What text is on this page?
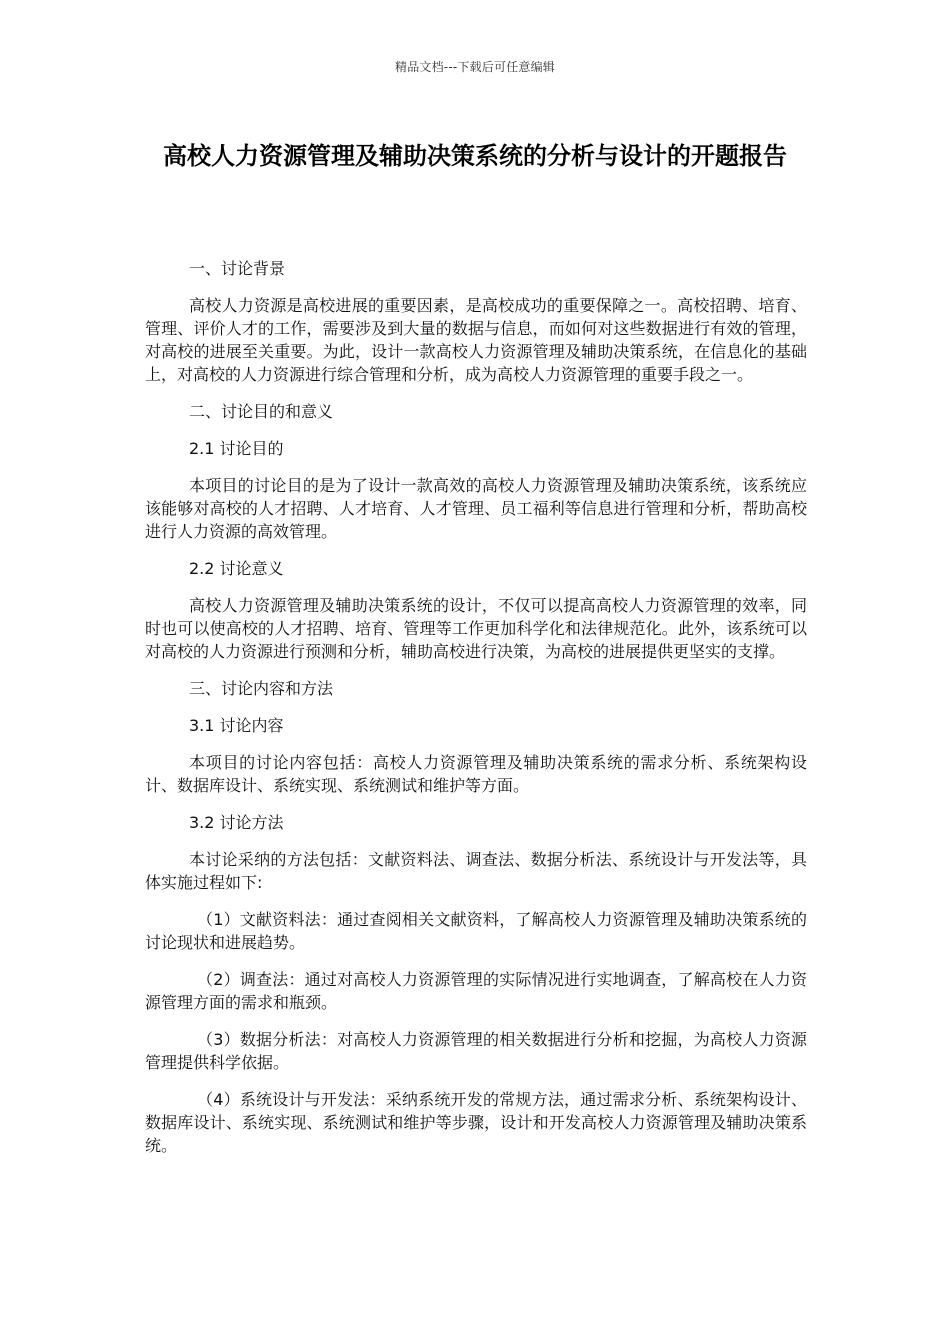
精品文档---下载后可任意编辑
高校人力资源管理及辅助决策系统的分析与设计的开题报告

一、讨论背景

高校人力资源是高校进展的重要因素，是高校成功的重要保障之一。高校招聘、培育、管理、评价人才的工作，需要涉及到大量的数据与信息，而如何对这些数据进行有效的管理，对高校的进展至关重要。为此，设计一款高校人力资源管理及辅助决策系统，在信息化的基础上，对高校的人力资源进行综合管理和分析，成为高校人力资源管理的重要手段之一。

二、讨论目的和意义

2.1 讨论目的

本项目的讨论目的是为了设计一款高效的高校人力资源管理及辅助决策系统，该系统应该能够对高校的人才招聘、人才培育、人才管理、员工福利等信息进行管理和分析，帮助高校进行人力资源的高效管理。

2.2 讨论意义

高校人力资源管理及辅助决策系统的设计，不仅可以提高高校人力资源管理的效率，同时也可以使高校的人才招聘、培育、管理等工作更加科学化和法律规范化。此外，该系统可以对高校的人力资源进行预测和分析，辅助高校进行决策，为高校的进展提供更坚实的支撑。

三、讨论内容和方法

3.1 讨论内容

本项目的讨论内容包括：高校人力资源管理及辅助决策系统的需求分析、系统架构设计、数据库设计、系统实现、系统测试和维护等方面。

3.2 讨论方法

本讨论采纳的方法包括：文献资料法、调查法、数据分析法、系统设计与开发法等，具体实施过程如下:

（1）文献资料法：通过查阅相关文献资料，了解高校人力资源管理及辅助决策系统的讨论现状和进展趋势。

（2）调查法：通过对高校人力资源管理的实际情况进行实地调查，了解高校在人力资源管理方面的需求和瓶颈。

（3）数据分析法：对高校人力资源管理的相关数据进行分析和挖掘，为高校人力资源管理提供科学依据。

（4）系统设计与开发法：采纳系统开发的常规方法，通过需求分析、系统架构设计、数据库设计、系统实现、系统测试和维护等步骤，设计和开发高校人力资源管理及辅助决策系统。
